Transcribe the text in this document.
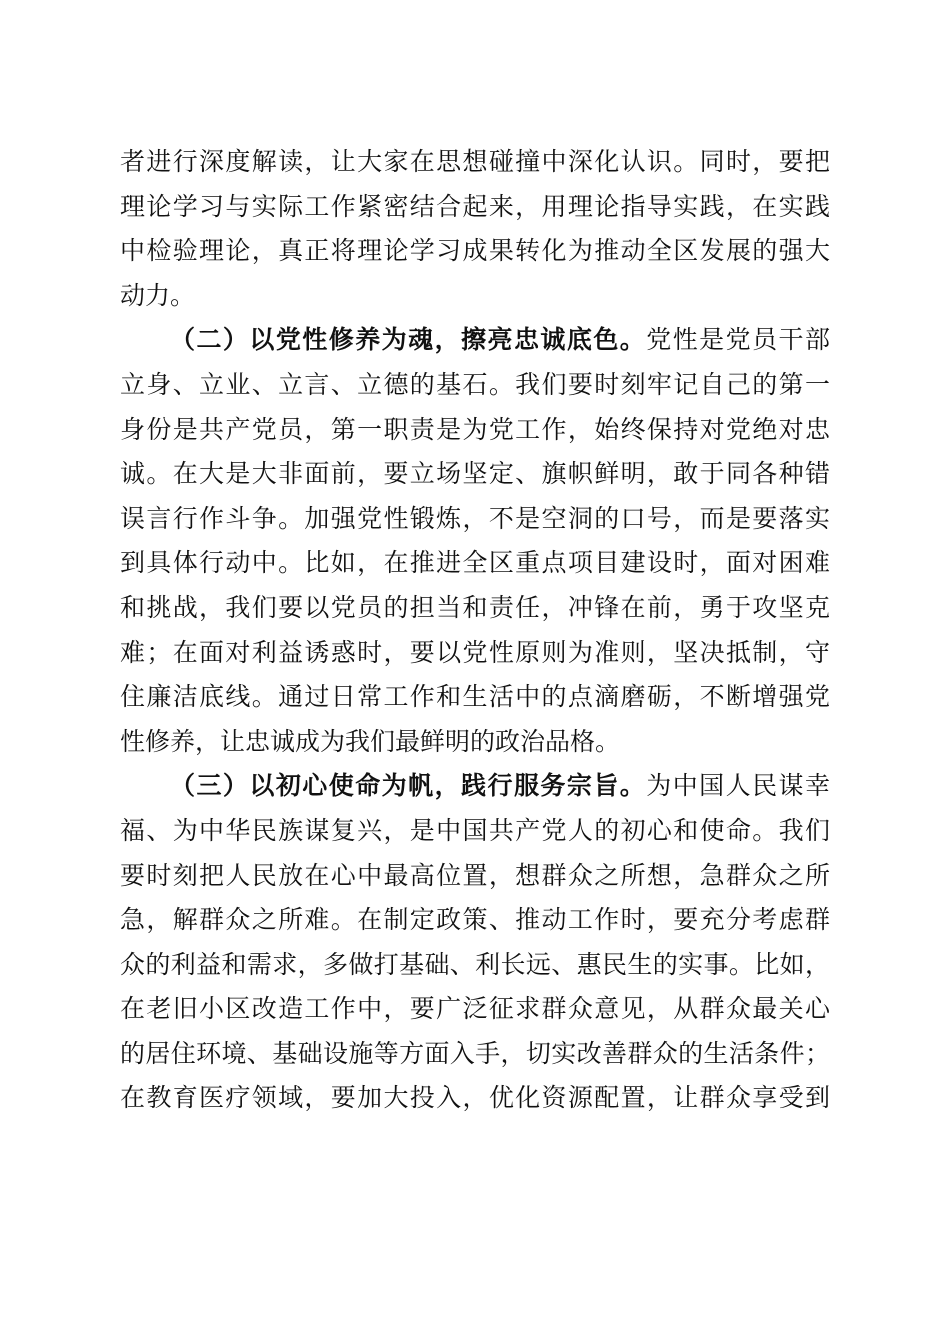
者进行深度解读，让大家在思想碰撞中深化认识。同时，要把
理论学习与实际工作紧密结合起来，用理论指导实践，在实践
中检验理论，真正将理论学习成果转化为推动全区发展的强大
动力。
（二）以党性修养为魂，擦亮忠诚底色。党性是党员干部
立身、立业、立言、立德的基石。我们要时刻牢记自己的第一
身份是共产党员，第一职责是为党工作，始终保持对党绝对忠
诚。在大是大非面前，要立场坚定、旗帜鲜明，敢于同各种错
误言行作斗争。加强党性锻炼，不是空洞的口号，而是要落实
到具体行动中。比如，在推进全区重点项目建设时，面对困难
和挑战，我们要以党员的担当和责任，冲锋在前，勇于攻坚克
难；在面对利益诱惑时，要以党性原则为准则，坚决抵制，守
住廉洁底线。通过日常工作和生活中的点滴磨砺，不断增强党
性修养，让忠诚成为我们最鲜明的政治品格。
（三）以初心使命为帆，践行服务宗旨。为中国人民谋幸
福、为中华民族谋复兴，是中国共产党人的初心和使命。我们
要时刻把人民放在心中最高位置，想群众之所想，急群众之所
急，解群众之所难。在制定政策、推动工作时，要充分考虑群
众的利益和需求，多做打基础、利长远、惠民生的实事。比如，
在老旧小区改造工作中，要广泛征求群众意见，从群众最关心
的居住环境、基础设施等方面入手，切实改善群众的生活条件；
在教育医疗领域，要加大投入，优化资源配置，让群众享受到
